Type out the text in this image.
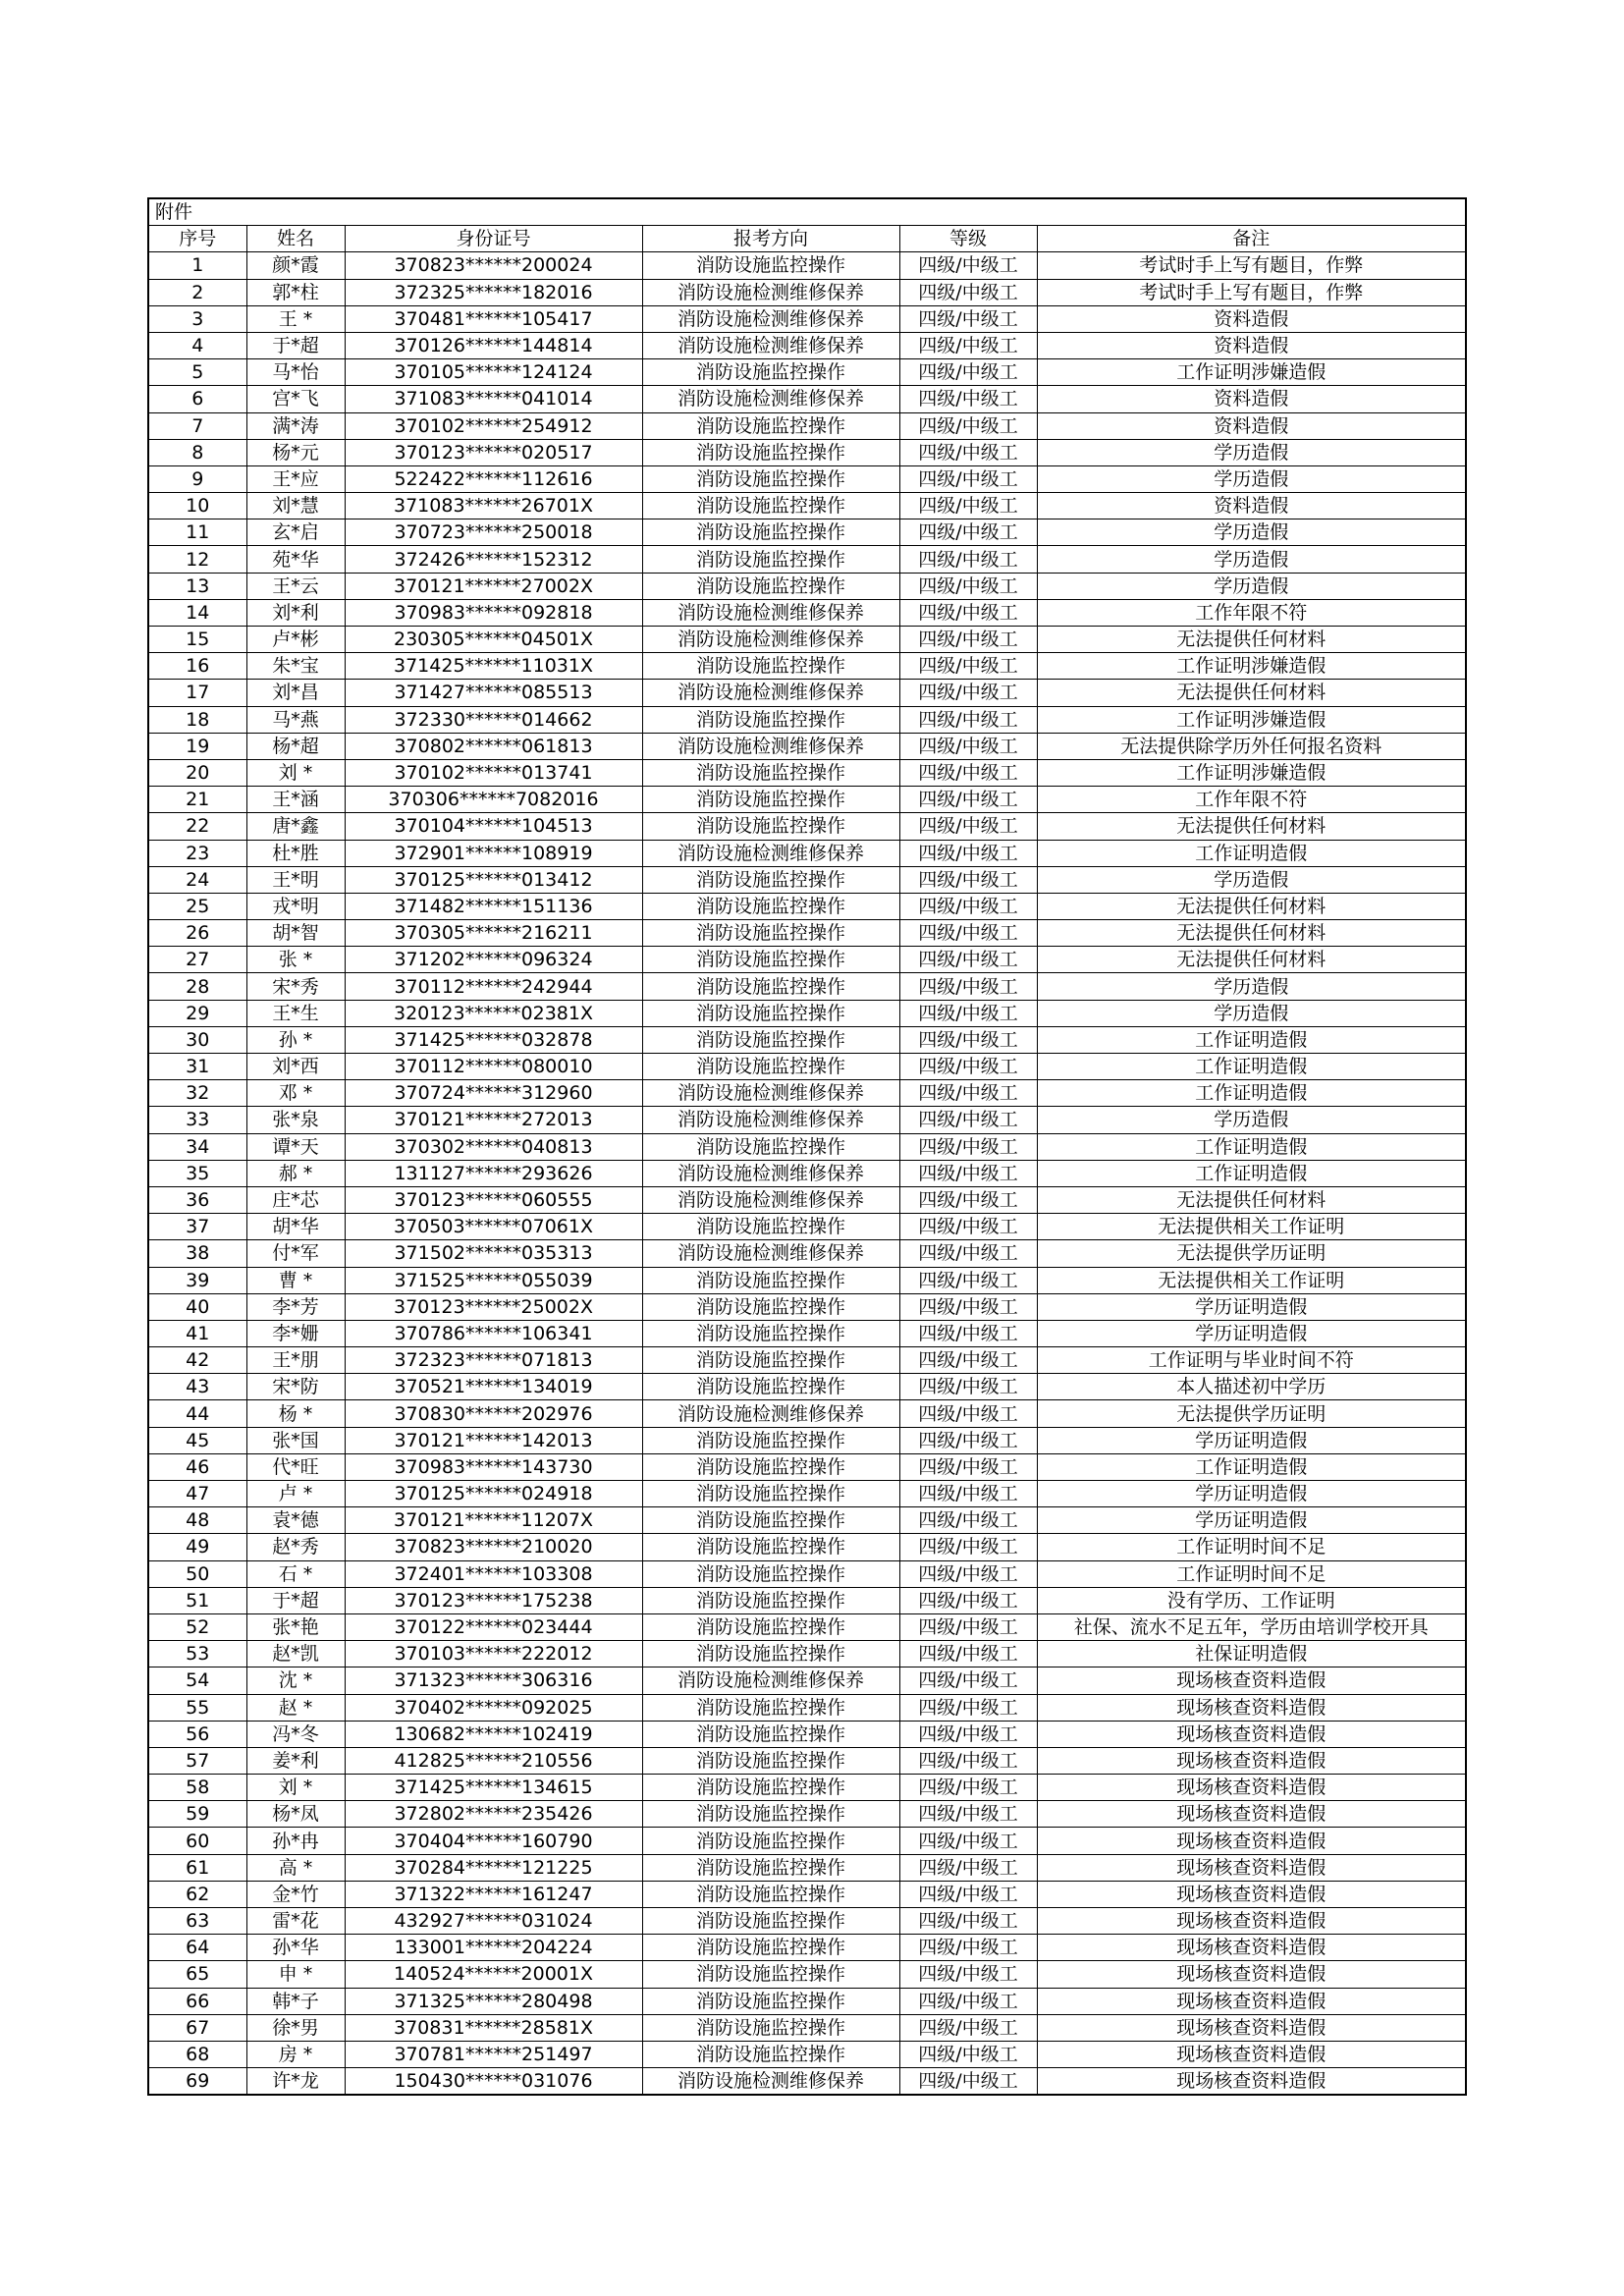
附件					
序号	姓名	身份证号	报考方向	等级	备注
1	颜*霞	370823******200024	消防设施监控操作	四级/中级工	考试时手上写有题目，作弊
2	郭*柱	372325******182016	消防设施检测维修保养	四级/中级工	考试时手上写有题目，作弊
3	王 *	370481******105417	消防设施检测维修保养	四级/中级工	资料造假
4	于*超	370126******144814	消防设施检测维修保养	四级/中级工	资料造假
5	马*怡	370105******124124	消防设施监控操作	四级/中级工	工作证明涉嫌造假
6	宫*飞	371083******041014	消防设施检测维修保养	四级/中级工	资料造假
7	满*涛	370102******254912	消防设施监控操作	四级/中级工	资料造假
8	杨*元	370123******020517	消防设施监控操作	四级/中级工	学历造假
9	王*应	522422******112616	消防设施监控操作	四级/中级工	学历造假
10	刘*慧	371083******26701X	消防设施监控操作	四级/中级工	资料造假
11	玄*启	370723******250018	消防设施监控操作	四级/中级工	学历造假
12	苑*华	372426******152312	消防设施监控操作	四级/中级工	学历造假
13	王*云	370121******27002X	消防设施监控操作	四级/中级工	学历造假
14	刘*利	370983******092818	消防设施检测维修保养	四级/中级工	工作年限不符
15	卢*彬	230305******04501X	消防设施检测维修保养	四级/中级工	无法提供任何材料
16	朱*宝	371425******11031X	消防设施监控操作	四级/中级工	工作证明涉嫌造假
17	刘*昌	371427******085513	消防设施检测维修保养	四级/中级工	无法提供任何材料
18	马*燕	372330******014662	消防设施监控操作	四级/中级工	工作证明涉嫌造假
19	杨*超	370802******061813	消防设施检测维修保养	四级/中级工	无法提供除学历外任何报名资料
20	刘 *	370102******013741	消防设施监控操作	四级/中级工	工作证明涉嫌造假
21	王*涵	370306******7082016	消防设施监控操作	四级/中级工	工作年限不符
22	唐*鑫	370104******104513	消防设施监控操作	四级/中级工	无法提供任何材料
23	杜*胜	372901******108919	消防设施检测维修保养	四级/中级工	工作证明造假
24	王*明	370125******013412	消防设施监控操作	四级/中级工	学历造假
25	戎*明	371482******151136	消防设施监控操作	四级/中级工	无法提供任何材料
26	胡*智	370305******216211	消防设施监控操作	四级/中级工	无法提供任何材料
27	张 *	371202******096324	消防设施监控操作	四级/中级工	无法提供任何材料
28	宋*秀	370112******242944	消防设施监控操作	四级/中级工	学历造假
29	王*生	320123******02381X	消防设施监控操作	四级/中级工	学历造假
30	孙 *	371425******032878	消防设施监控操作	四级/中级工	工作证明造假
31	刘*西	370112******080010	消防设施监控操作	四级/中级工	工作证明造假
32	邓 *	370724******312960	消防设施检测维修保养	四级/中级工	工作证明造假
33	张*泉	370121******272013	消防设施检测维修保养	四级/中级工	学历造假
34	谭*天	370302******040813	消防设施监控操作	四级/中级工	工作证明造假
35	郝 *	131127******293626	消防设施检测维修保养	四级/中级工	工作证明造假
36	庄*芯	370123******060555	消防设施检测维修保养	四级/中级工	无法提供任何材料
37	胡*华	370503******07061X	消防设施监控操作	四级/中级工	无法提供相关工作证明
38	付*军	371502******035313	消防设施检测维修保养	四级/中级工	无法提供学历证明
39	曹 *	371525******055039	消防设施监控操作	四级/中级工	无法提供相关工作证明
40	李*芳	370123******25002X	消防设施监控操作	四级/中级工	学历证明造假
41	李*姗	370786******106341	消防设施监控操作	四级/中级工	学历证明造假
42	王*朋	372323******071813	消防设施监控操作	四级/中级工	工作证明与毕业时间不符
43	宋*防	370521******134019	消防设施监控操作	四级/中级工	本人描述初中学历
44	杨 *	370830******202976	消防设施检测维修保养	四级/中级工	无法提供学历证明
45	张*国	370121******142013	消防设施监控操作	四级/中级工	学历证明造假
46	代*旺	370983******143730	消防设施监控操作	四级/中级工	工作证明造假
47	卢 *	370125******024918	消防设施监控操作	四级/中级工	学历证明造假
48	袁*德	370121******11207X	消防设施监控操作	四级/中级工	学历证明造假
49	赵*秀	370823******210020	消防设施监控操作	四级/中级工	工作证明时间不足
50	石 *	372401******103308	消防设施监控操作	四级/中级工	工作证明时间不足
51	于*超	370123******175238	消防设施监控操作	四级/中级工	没有学历、工作证明
52	张*艳	370122******023444	消防设施监控操作	四级/中级工	社保、流水不足五年，学历由培训学校开具
53	赵*凯	370103******222012	消防设施监控操作	四级/中级工	社保证明造假
54	沈 *	371323******306316	消防设施检测维修保养	四级/中级工	现场核查资料造假
55	赵 *	370402******092025	消防设施监控操作	四级/中级工	现场核查资料造假
56	冯*冬	130682******102419	消防设施监控操作	四级/中级工	现场核查资料造假
57	姜*利	412825******210556	消防设施监控操作	四级/中级工	现场核查资料造假
58	刘 *	371425******134615	消防设施监控操作	四级/中级工	现场核查资料造假
59	杨*凤	372802******235426	消防设施监控操作	四级/中级工	现场核查资料造假
60	孙*冉	370404******160790	消防设施监控操作	四级/中级工	现场核查资料造假
61	高 *	370284******121225	消防设施监控操作	四级/中级工	现场核查资料造假
62	金*竹	371322******161247	消防设施监控操作	四级/中级工	现场核查资料造假
63	雷*花	432927******031024	消防设施监控操作	四级/中级工	现场核查资料造假
64	孙*华	133001******204224	消防设施监控操作	四级/中级工	现场核查资料造假
65	申 *	140524******20001X	消防设施监控操作	四级/中级工	现场核查资料造假
66	韩*子	371325******280498	消防设施监控操作	四级/中级工	现场核查资料造假
67	徐*男	370831******28581X	消防设施监控操作	四级/中级工	现场核查资料造假
68	房 *	370781******251497	消防设施监控操作	四级/中级工	现场核查资料造假
69	许*龙	150430******031076	消防设施检测维修保养	四级/中级工	现场核查资料造假
